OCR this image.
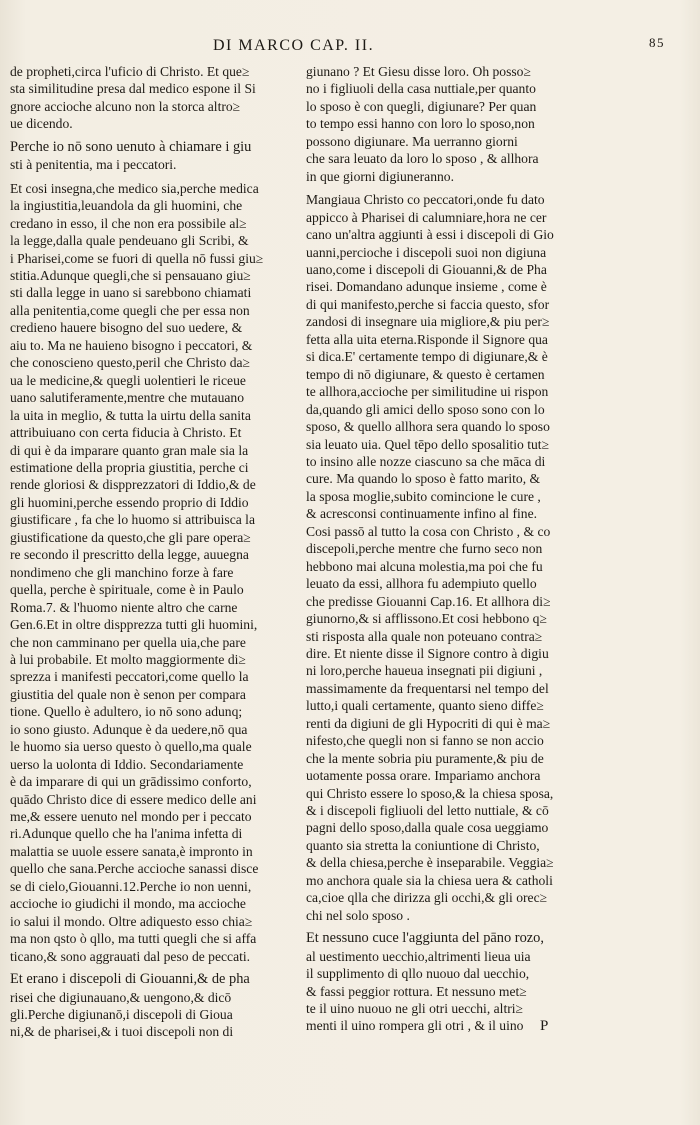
DI MARCO CAP. II.	85
de propheti,circa l'uficio di Christo. Et que≥
sta similitudine presa dal medico espone il Si
gnore accioche alcuno non la storca altro≥
ue dicendo.
Perche io nō sono uenuto à chiamare i giu
sti à penitentia, ma i peccatori.
Et cosi insegna,che medico sia,perche medica
la ingiustitia,leuandola da gli huomini, che
credano in esso, il che non era possibile al≥
la legge,dalla quale pendeuano gli Scribi, &
i Pharisei,come se fuori di quella nō fussi giu≥
stitia.Adunque quegli,che si pensauano giu≥
sti dalla legge in uano si sarebbono chiamati
alla penitentia,come quegli che per essa non
credieno hauere bisogno del suo uedere, &
aiu to. Ma ne hauieno bisogno i peccatori, &
che conoscieno questo,peril che Christo da≥
ua le medicine,& quegli uolentieri le riceue
uano salutiferamente,mentre che mutauano
la uita in meglio, & tutta la uirtu della sanita
attribuiuano con certa fiducia à Christo. Et
di qui è da imparare quanto gran male sia la
estimatione della propria giustitia, perche ci
rende gloriosi & dispprezzatori di Iddio,& de
gli huomini,perche essendo proprio di Iddio
giustificare , fa che lo huomo si attribuisca la
giustificatione da questo,che gli pare opera≥
re secondo il prescritto della legge, auuegna
nondimeno che gli manchino forze à fare
quella, perche è spirituale, come è in Paulo
Roma.7. & l'huomo niente altro che carne
Gen.6.Et in oltre dispprezza tutti gli huomini,
che non camminano per quella uia,che pare
à lui probabile. Et molto maggiormente di≥
sprezza i manifesti peccatori,come quello la
giustitia del quale non è senon per compara
tione. Quello è adultero, io nō sono adunq;
io sono giusto. Adunque è da uedere,nō qua
le huomo sia uerso questo ò quello,ma quale
uerso la uolonta di Iddio. Secondariamente
è da imparare di qui un grādissimo conforto,
quādo Christo dice di essere medico delle ani
me,& essere uenuto nel mondo per i peccato
ri.Adunque quello che ha l'anima infetta di
malattia se uuole essere sanata,è impronto in
quello che sana.Perche accioche sanassi disce
se di cielo,Giouanni.12.Perche io non uenni,
accioche io giudichi il mondo, ma accioche
io salui il mondo. Oltre adiquesto esso chia≥
ma non qsto ò qllo, ma tutti quegli che si affa
ticano,& sono aggrauati dal peso de peccati.
Et erano i discepoli di Giouanni,& de pha
risei che digiunauano,& uengono,& dicō
gli.Perche digiunanō,i discepoli di Gioua
ni,& de pharisei,& i tuoi discepoli non di
giunano ? Et Giesu disse loro. Oh posso≥
no i figliuoli della casa nuttiale,per quanto
lo sposo è con quegli, digiunare? Per quan
to tempo essi hanno con loro lo sposo,non
possono digiunare. Ma uerranno giorni
che sara leuato da loro lo sposo , & allhora
in que giorni digiuneranno.
Mangiaua Christo co peccatori,onde fu dato
appicco à Pharisei di calumniare,hora ne cer
cano un'altra aggiunti à essi i discepoli di Gio
uanni,percioche i discepoli suoi non digiuna
uano,come i discepoli di Giouanni,& de Pha
risei. Domandano adunque insieme , come è
di qui manifesto,perche si faccia questo, sfor
zandosi di insegnare uia migliore,& piu per≥
fetta alla uita eterna.Risponde il Signore qua
si dica.E' certamente tempo di digiunare,& è
tempo di nō digiunare, & questo è certamen
te allhora,accioche per similitudine ui rispon
da,quando gli amici dello sposo sono con lo
sposo, & quello allhora sera quando lo sposo
sia leuato uia. Quel tēpo dello sposalitio tut≥
to insino alle nozze ciascuno sa che māca di
cure. Ma quando lo sposo è fatto marito, &
la sposa moglie,subito comincione le cure ,
& acresconsi continuamente infino al fine.
Cosi passō al tutto la cosa con Christo , & co
discepoli,perche mentre che furno seco non
hebbono mai alcuna molestia,ma poi che fu
leuato da essi, allhora fu adempiuto quello
che predisse Giouanni Cap.16. Et allhora di≥
giunorno,& si afflissono.Et cosi hebbono q≥
sti risposta alla quale non poteuano contra≥
dire. Et niente disse il Signore contro à digiu
ni loro,perche haueua insegnati pii digiuni ,
massimamente da frequentarsi nel tempo del
lutto,i quali certamente, quanto sieno diffe≥
renti da digiuni de gli Hypocriti di qui è ma≥
nifesto,che quegli non si fanno se non accio
che la mente sobria piu puramente,& piu de
uotamente possa orare. Impariamo anchora
qui Christo essere lo sposo,& la chiesa sposa,
& i discepoli figliuoli del letto nuttiale, & cō
pagni dello sposo,dalla quale cosa ueggiamo
quanto sia stretta la coniuntione di Christo,
& della chiesa,perche è inseparabile. Veggia≥
mo anchora quale sia la chiesa uera & catholi
ca,cioe qlla che dirizza gli occhi,& gli orec≥
chi nel solo sposo .
Et nessuno cuce l'aggiunta del pāno rozo,
al uestimento uecchio,altrimenti lieua uia
il supplimento di qllo nuouo dal uecchio,
& fassi peggior rottura. Et nessuno met≥
te il uino nuouo ne gli otri uecchi, altri≥
menti il uino rompera gli otri , & il uino	P
